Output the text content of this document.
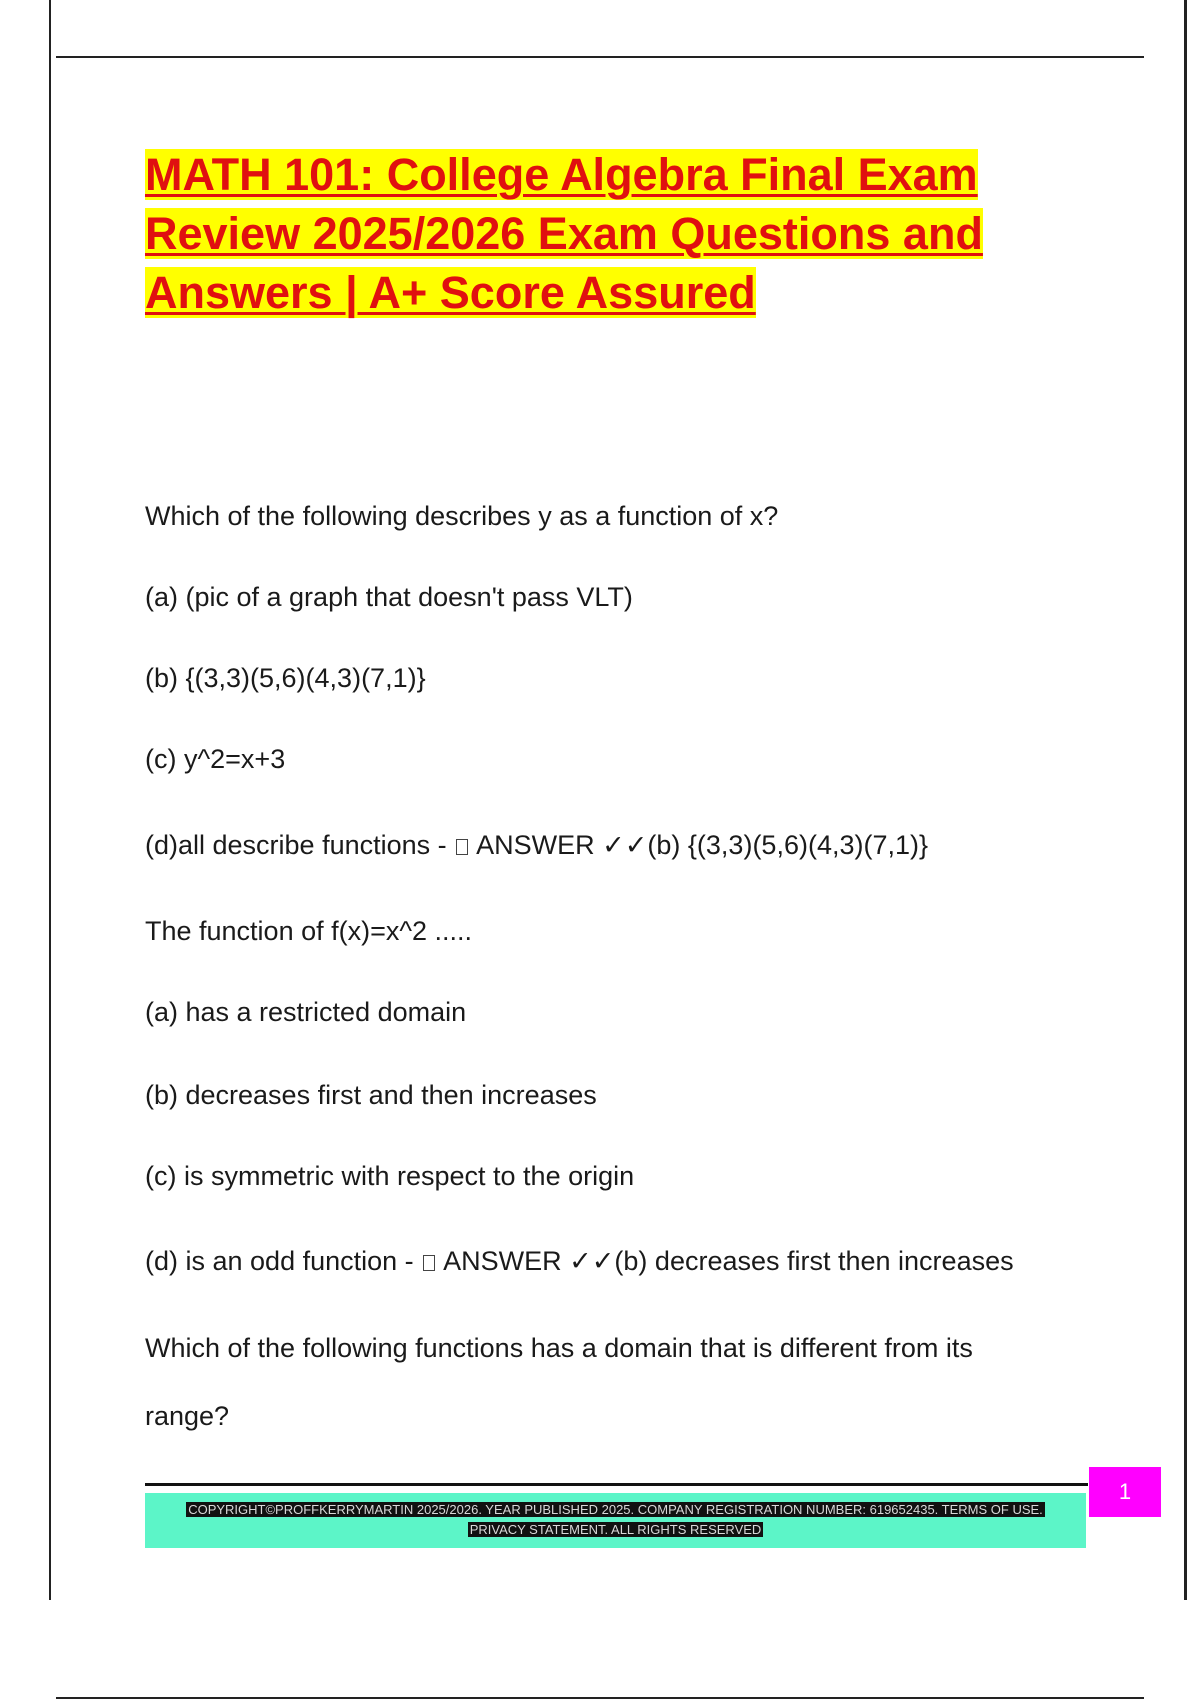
MATH 101: College Algebra Final Exam
Review 2025/2026 Exam Questions and
Answers | A+ Score Assured

Which of the following describes y as a function of x?

(a) (pic of a graph that doesn't pass VLT)

(b) {(3,3)(5,6)(4,3)(7,1)}

(c) y^2=x+3

(d)all describe functions -  ANSWER ✓✓(b) {(3,3)(5,6)(4,3)(7,1)}

The function of f(x)=x^2 .....

(a) has a restricted domain

(b) decreases first and then increases

(c) is symmetric with respect to the origin

(d) is an odd function -  ANSWER ✓✓(b) decreases first then increases

Which of the following functions has a domain that is different from its

range?

COPYRIGHT©PROFFKERRYMARTIN 2025/2026. YEAR PUBLISHED 2025. COMPANY REGISTRATION NUMBER: 619652435. TERMS OF USE.
PRIVACY STATEMENT. ALL RIGHTS RESERVED
1
